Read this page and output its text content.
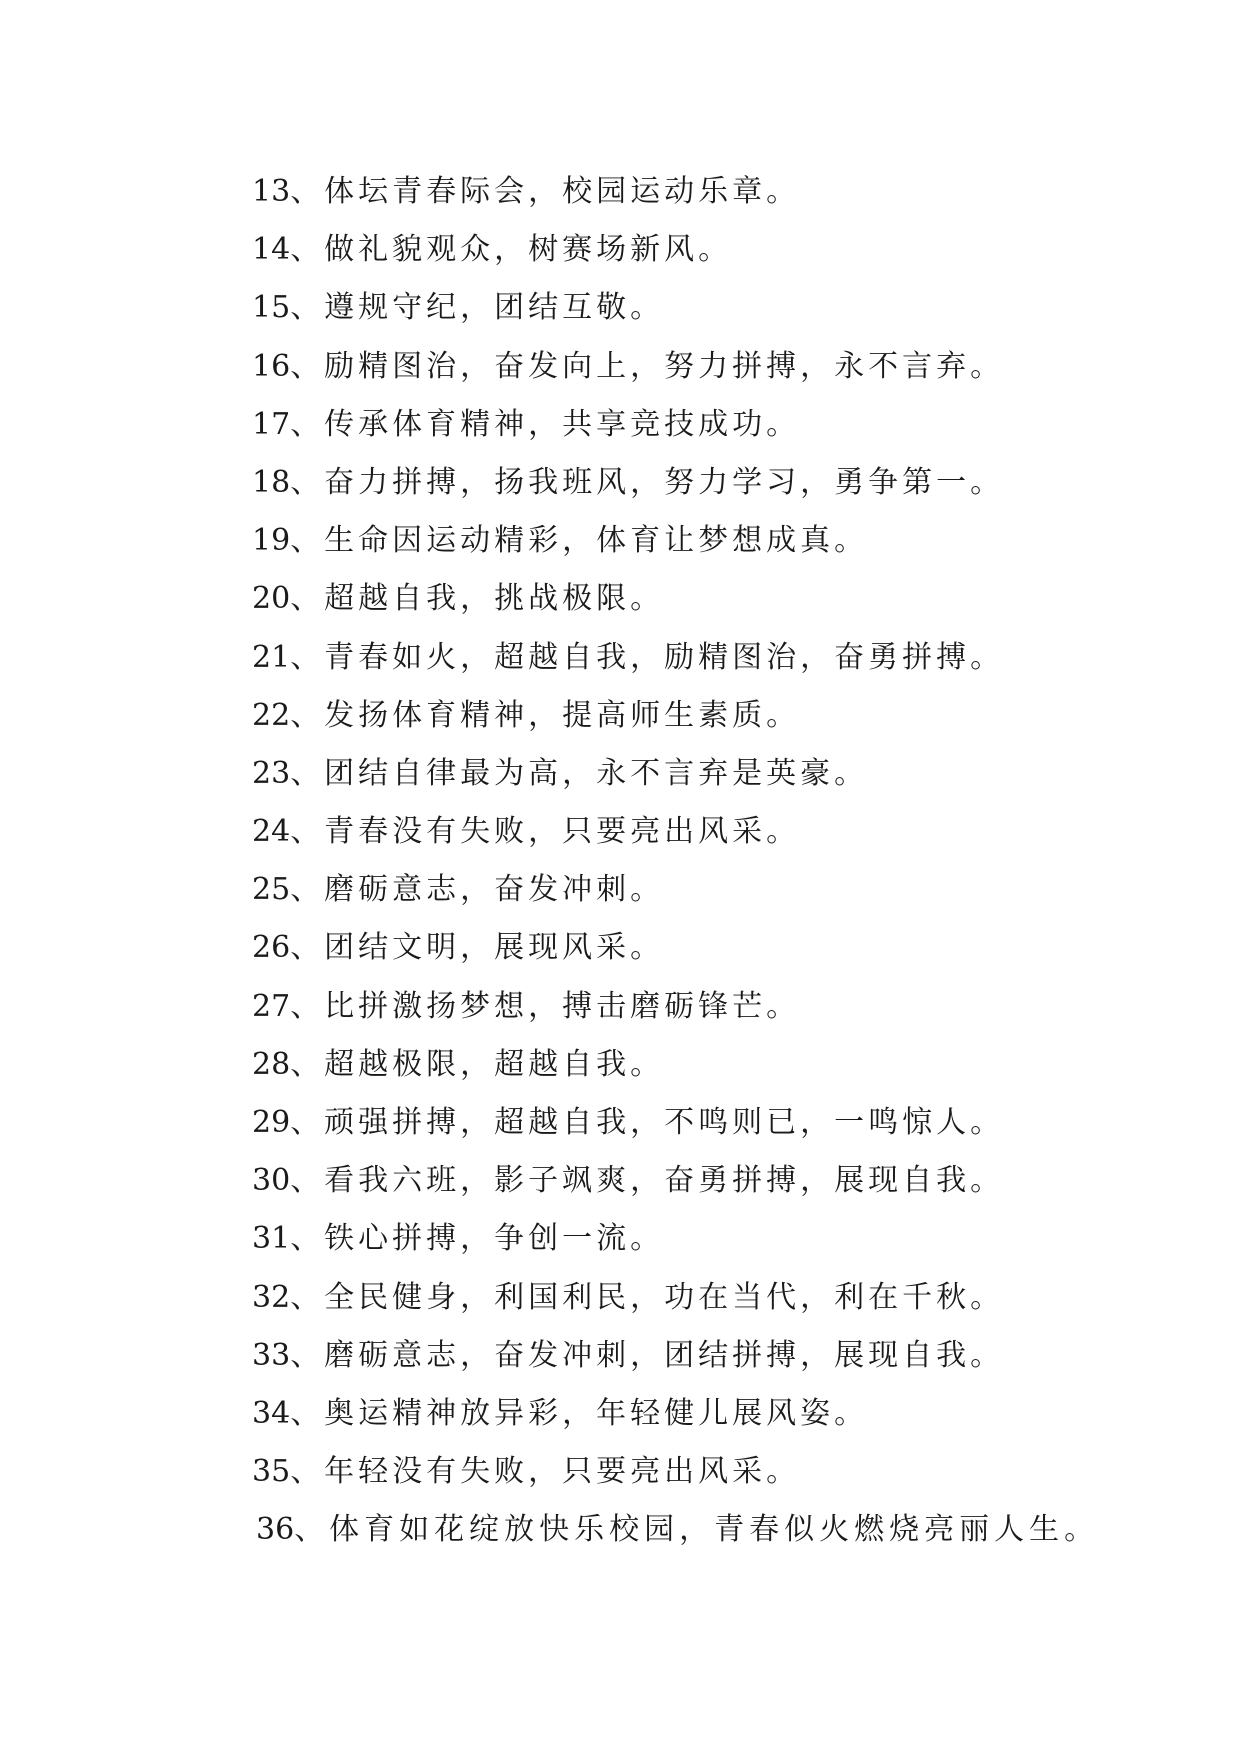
13、体坛青春际会，校园运动乐章。
14、做礼貌观众，树赛场新风。
15、遵规守纪，团结互敬。
16、励精图治，奋发向上，努力拼搏，永不言弃。
17、传承体育精神，共享竞技成功。
18、奋力拼搏，扬我班风，努力学习，勇争第一。
19、生命因运动精彩，体育让梦想成真。
20、超越自我，挑战极限。
21、青春如火，超越自我，励精图治，奋勇拼搏。
22、发扬体育精神，提高师生素质。
23、团结自律最为高，永不言弃是英豪。
24、青春没有失败，只要亮出风采。
25、磨砺意志，奋发冲刺。
26、团结文明，展现风采。
27、比拼激扬梦想，搏击磨砺锋芒。
28、超越极限，超越自我。
29、顽强拼搏，超越自我，不鸣则已，一鸣惊人。
30、看我六班，影子飒爽，奋勇拼搏，展现自我。
31、铁心拼搏，争创一流。
32、全民健身，利国利民，功在当代，利在千秋。
33、磨砺意志，奋发冲刺，团结拼搏，展现自我。
34、奥运精神放异彩，年轻健儿展风姿。
35、年轻没有失败，只要亮出风采。
36、体育如花绽放快乐校园，青春似火燃烧亮丽人生。
